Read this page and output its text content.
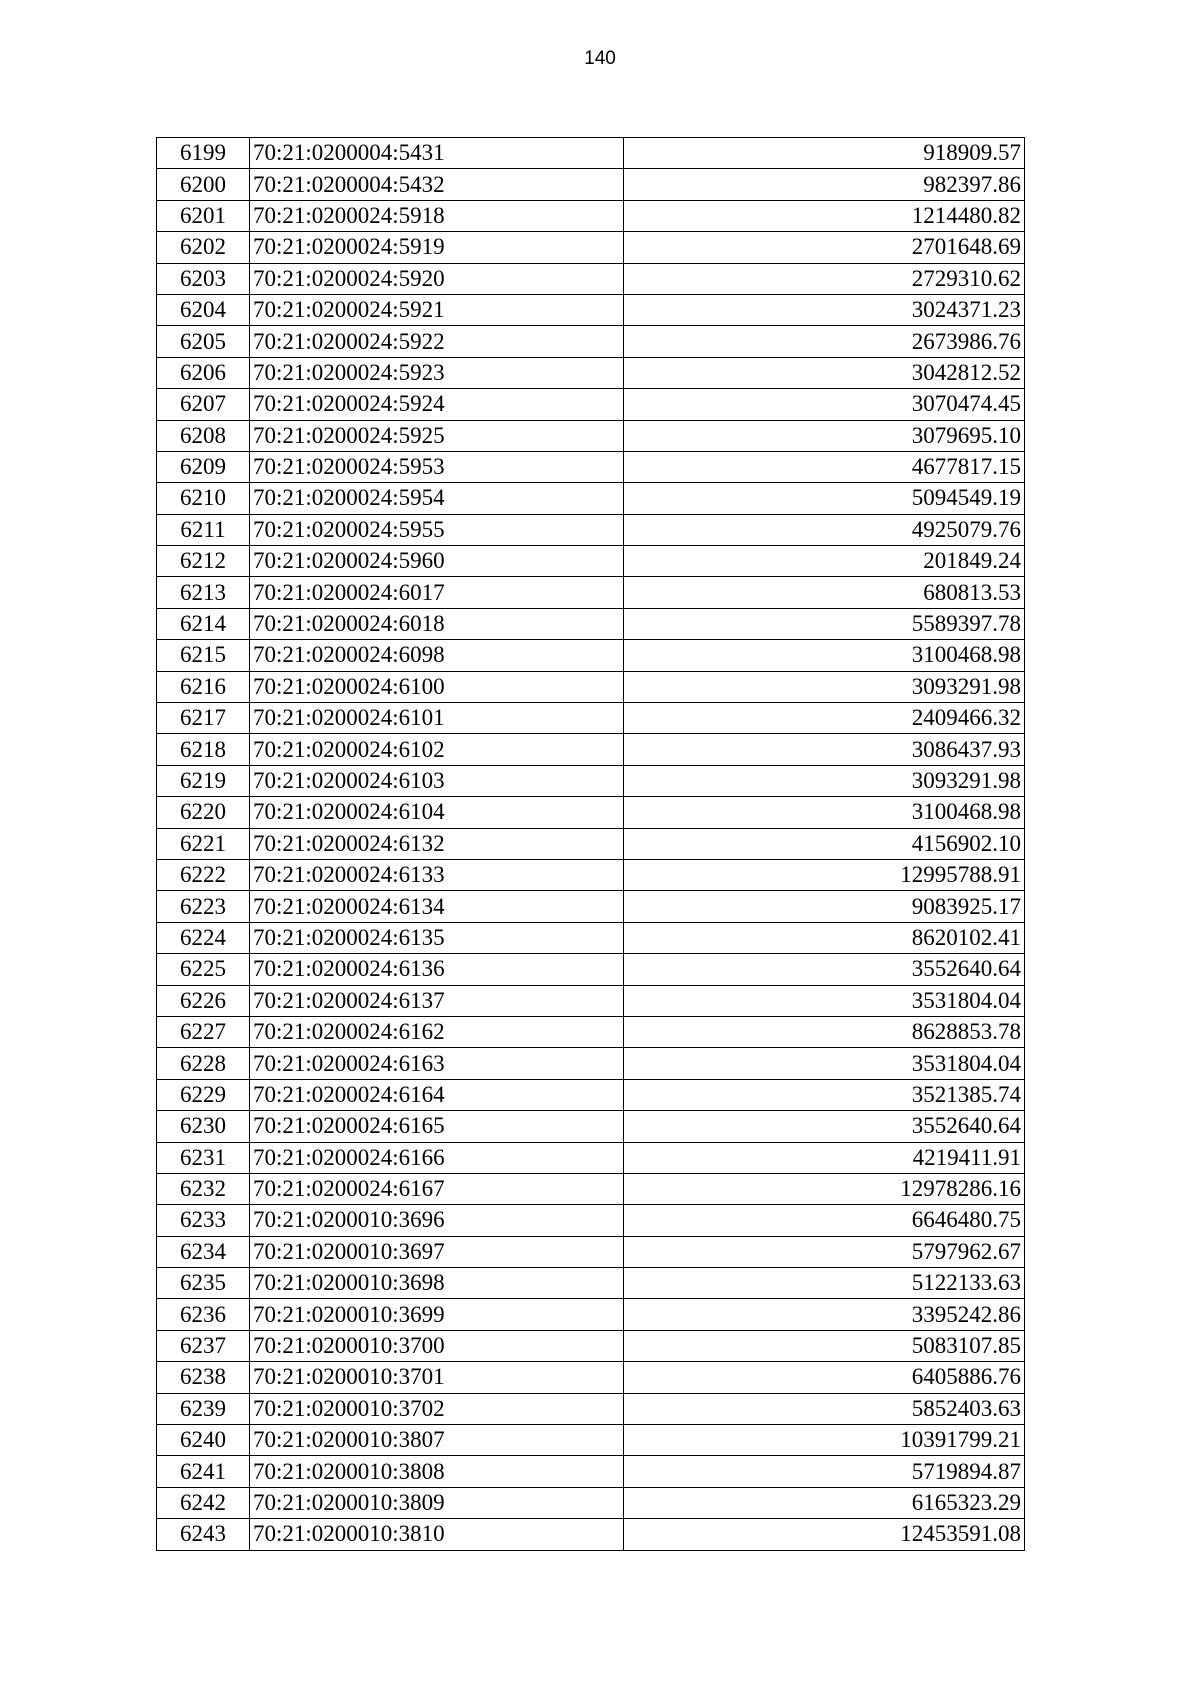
140
6199	70:21:0200004:5431	918909.57
6200	70:21:0200004:5432	982397.86
6201	70:21:0200024:5918	1214480.82
6202	70:21:0200024:5919	2701648.69
6203	70:21:0200024:5920	2729310.62
6204	70:21:0200024:5921	3024371.23
6205	70:21:0200024:5922	2673986.76
6206	70:21:0200024:5923	3042812.52
6207	70:21:0200024:5924	3070474.45
6208	70:21:0200024:5925	3079695.10
6209	70:21:0200024:5953	4677817.15
6210	70:21:0200024:5954	5094549.19
6211	70:21:0200024:5955	4925079.76
6212	70:21:0200024:5960	201849.24
6213	70:21:0200024:6017	680813.53
6214	70:21:0200024:6018	5589397.78
6215	70:21:0200024:6098	3100468.98
6216	70:21:0200024:6100	3093291.98
6217	70:21:0200024:6101	2409466.32
6218	70:21:0200024:6102	3086437.93
6219	70:21:0200024:6103	3093291.98
6220	70:21:0200024:6104	3100468.98
6221	70:21:0200024:6132	4156902.10
6222	70:21:0200024:6133	12995788.91
6223	70:21:0200024:6134	9083925.17
6224	70:21:0200024:6135	8620102.41
6225	70:21:0200024:6136	3552640.64
6226	70:21:0200024:6137	3531804.04
6227	70:21:0200024:6162	8628853.78
6228	70:21:0200024:6163	3531804.04
6229	70:21:0200024:6164	3521385.74
6230	70:21:0200024:6165	3552640.64
6231	70:21:0200024:6166	4219411.91
6232	70:21:0200024:6167	12978286.16
6233	70:21:0200010:3696	6646480.75
6234	70:21:0200010:3697	5797962.67
6235	70:21:0200010:3698	5122133.63
6236	70:21:0200010:3699	3395242.86
6237	70:21:0200010:3700	5083107.85
6238	70:21:0200010:3701	6405886.76
6239	70:21:0200010:3702	5852403.63
6240	70:21:0200010:3807	10391799.21
6241	70:21:0200010:3808	5719894.87
6242	70:21:0200010:3809	6165323.29
6243	70:21:0200010:3810	12453591.08
